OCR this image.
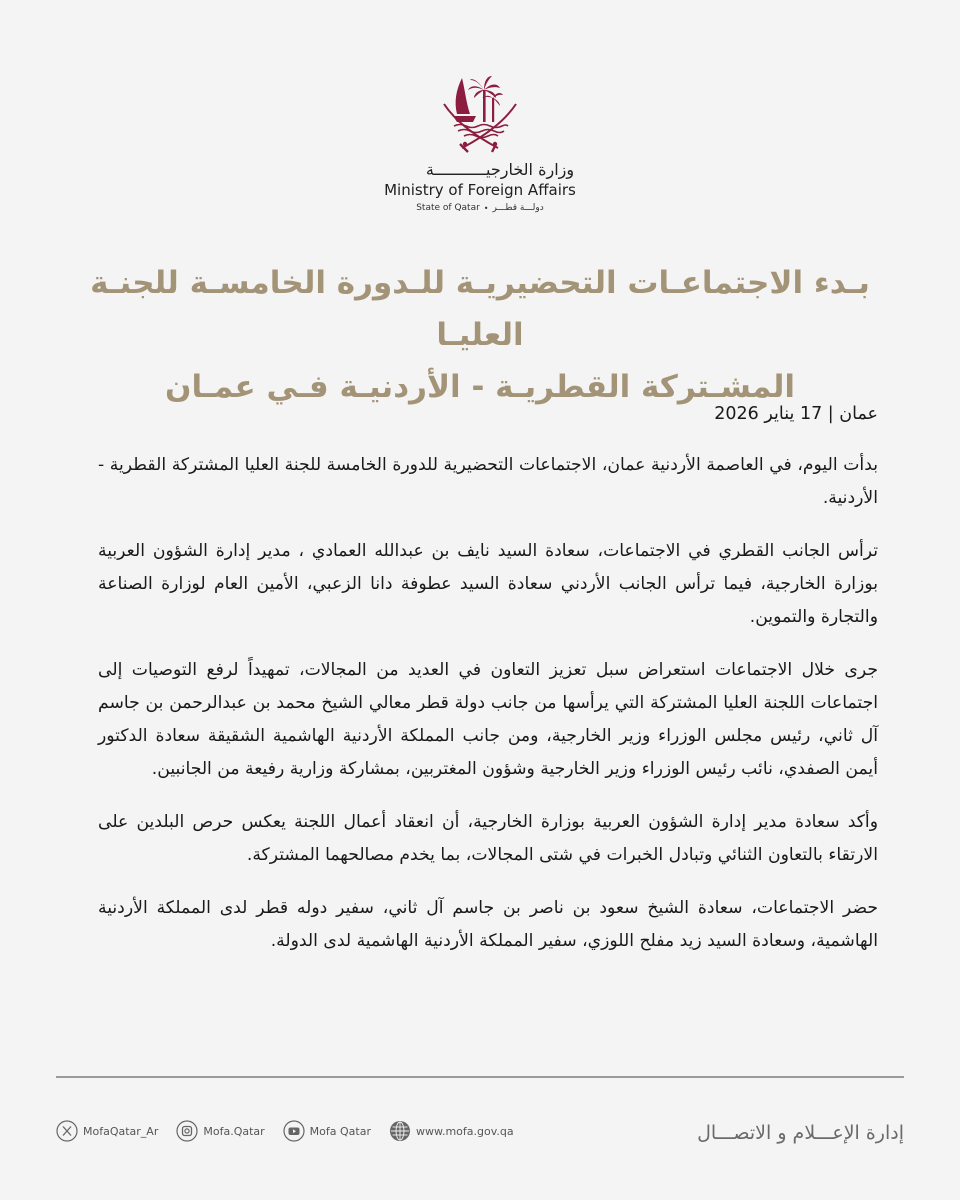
وزارة الخارجيـــــــــــة
Ministry of Foreign Affairs
State of Qatar • دولـــة قطـــر
بـدء الاجتماعـات التحضيريـة للـدورة الخامسـة للجنـة العليـا
المشـتركة القطريـة - الأردنيـة فـي عمـان
عمان | 17 يناير 2026

بدأت اليوم، في العاصمة الأردنية عمان، الاجتماعات التحضيرية للدورة الخامسة للجنة العليا المشتركة القطرية - الأردنية.

ترأس الجانب القطري في الاجتماعات، سعادة السيد نايف بن عبدالله العمادي ، مدير إدارة الشؤون العربية بوزارة الخارجية، فيما ترأس الجانب الأردني سعادة السيد عطوفة دانا الزعبي، الأمين العام لوزارة الصناعة والتجارة والتموين.

جرى خلال الاجتماعات استعراض سبل تعزيز التعاون في العديد من المجالات، تمهيداً لرفع التوصيات إلى اجتماعات اللجنة العليا المشتركة التي يرأسها من جانب دولة قطر معالي الشيخ محمد بن عبدالرحمن بن جاسم آل ثاني، رئيس مجلس الوزراء وزير الخارجية، ومن جانب المملكة الأردنية الهاشمية الشقيقة سعادة الدكتور أيمن الصفدي، نائب رئيس الوزراء وزير الخارجية وشؤون المغتربين، بمشاركة وزارية رفيعة من الجانبين.

وأكد سعادة مدير إدارة الشؤون العربية بوزارة الخارجية، أن انعقاد أعمال اللجنة يعكس حرص البلدين على الارتقاء بالتعاون الثنائي وتبادل الخبرات في شتى المجالات، بما يخدم مصالحهما المشتركة.

حضر الاجتماعات، سعادة الشيخ سعود بن ناصر بن جاسم آل ثاني، سفير دوله قطر لدى المملكة الأردنية الهاشمية، وسعادة السيد زيد مفلح اللوزي، سفير المملكة الأردنية الهاشمية لدى الدولة.

MofaQatar_Ar	Mofa.Qatar	Mofa Qatar	www.mofa.gov.qa	إدارة الإعـــلام و الاتصـــال
